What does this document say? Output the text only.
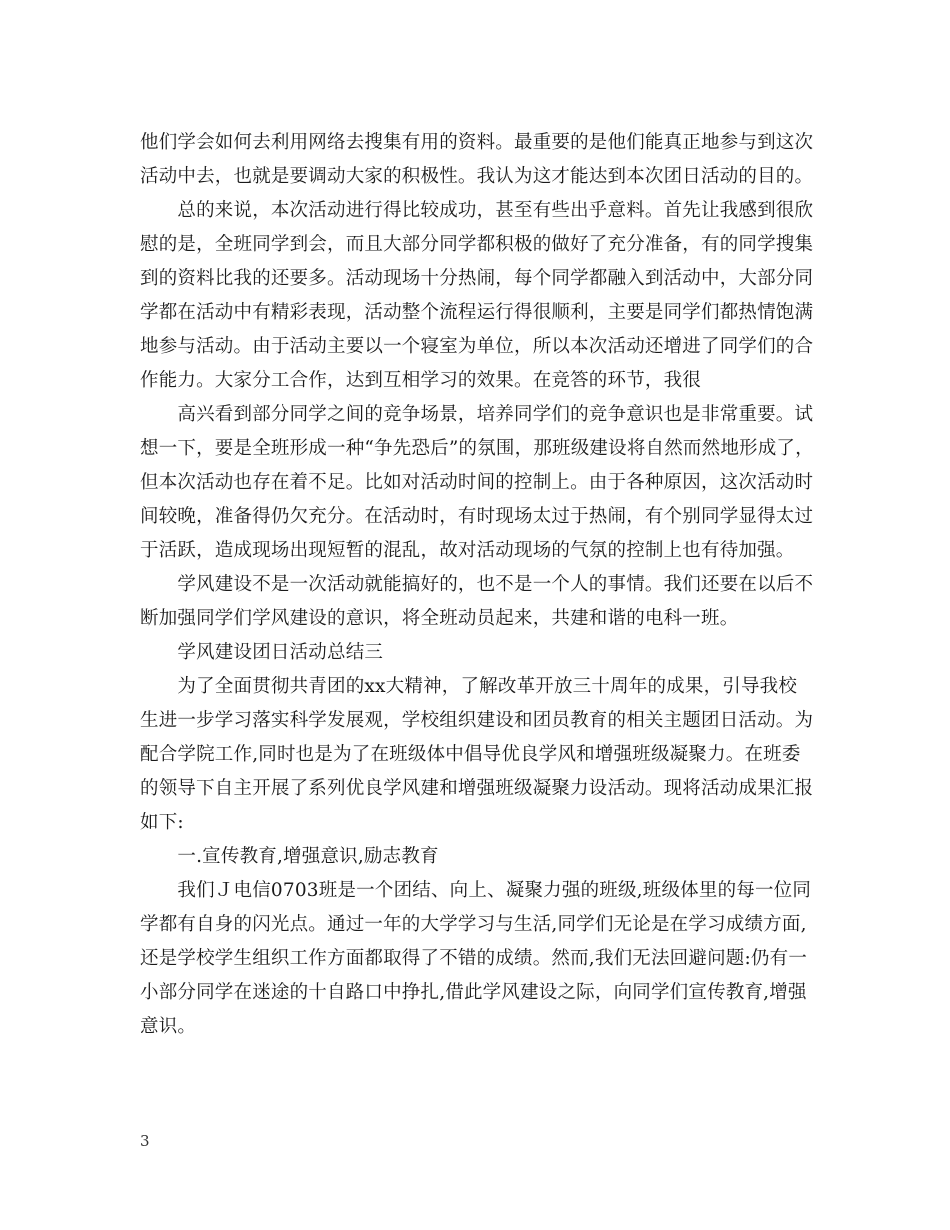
他们学会如何去利用网络去搜集有用的资料。最重要的是他们能真正地参与到这次
活动中去，也就是要调动大家的积极性。我认为这才能达到本次团日活动的目的。
　　总的来说，本次活动进行得比较成功，甚至有些出乎意料。首先让我感到很欣
慰的是，全班同学到会，而且大部分同学都积极的做好了充分准备，有的同学搜集
到的资料比我的还要多。活动现场十分热闹，每个同学都融入到活动中，大部分同
学都在活动中有精彩表现，活动整个流程运行得很顺利，主要是同学们都热情饱满
地参与活动。由于活动主要以一个寝室为单位，所以本次活动还增进了同学们的合
作能力。大家分工合作，达到互相学习的效果。在竞答的环节，我很
　　高兴看到部分同学之间的竞争场景，培养同学们的竞争意识也是非常重要。试
想一下，要是全班形成一种“争先恐后”的氛围，那班级建设将自然而然地形成了，
但本次活动也存在着不足。比如对活动时间的控制上。由于各种原因，这次活动时
间较晚，准备得仍欠充分。在活动时，有时现场太过于热闹，有个别同学显得太过
于活跃，造成现场出现短暂的混乱，故对活动现场的气氛的控制上也有待加强。
　　学风建设不是一次活动就能搞好的，也不是一个人的事情。我们还要在以后不
断加强同学们学风建设的意识，将全班动员起来，共建和谐的电科一班。
　　学风建设团日活动总结三
　　为了全面贯彻共青团的xx大精神，了解改革开放三十周年的成果，引导我校
生进一步学习落实科学发展观，学校组织建设和团员教育的相关主题团日活动。为
配合学院工作,同时也是为了在班级体中倡导优良学风和增强班级凝聚力。在班委
的领导下自主开展了系列优良学风建和增强班级凝聚力设活动。现将活动成果汇报
如下:
　　一.宣传教育,增强意识,励志教育
　　我们Ｊ电信0703班是一个团结、向上、凝聚力强的班级,班级体里的每一位同
学都有自身的闪光点。通过一年的大学学习与生活,同学们无论是在学习成绩方面,
还是学校学生组织工作方面都取得了不错的成绩。然而,我们无法回避问题:仍有一
小部分同学在迷途的十自路口中挣扎,借此学风建设之际，向同学们宣传教育,增强
意识。
3
